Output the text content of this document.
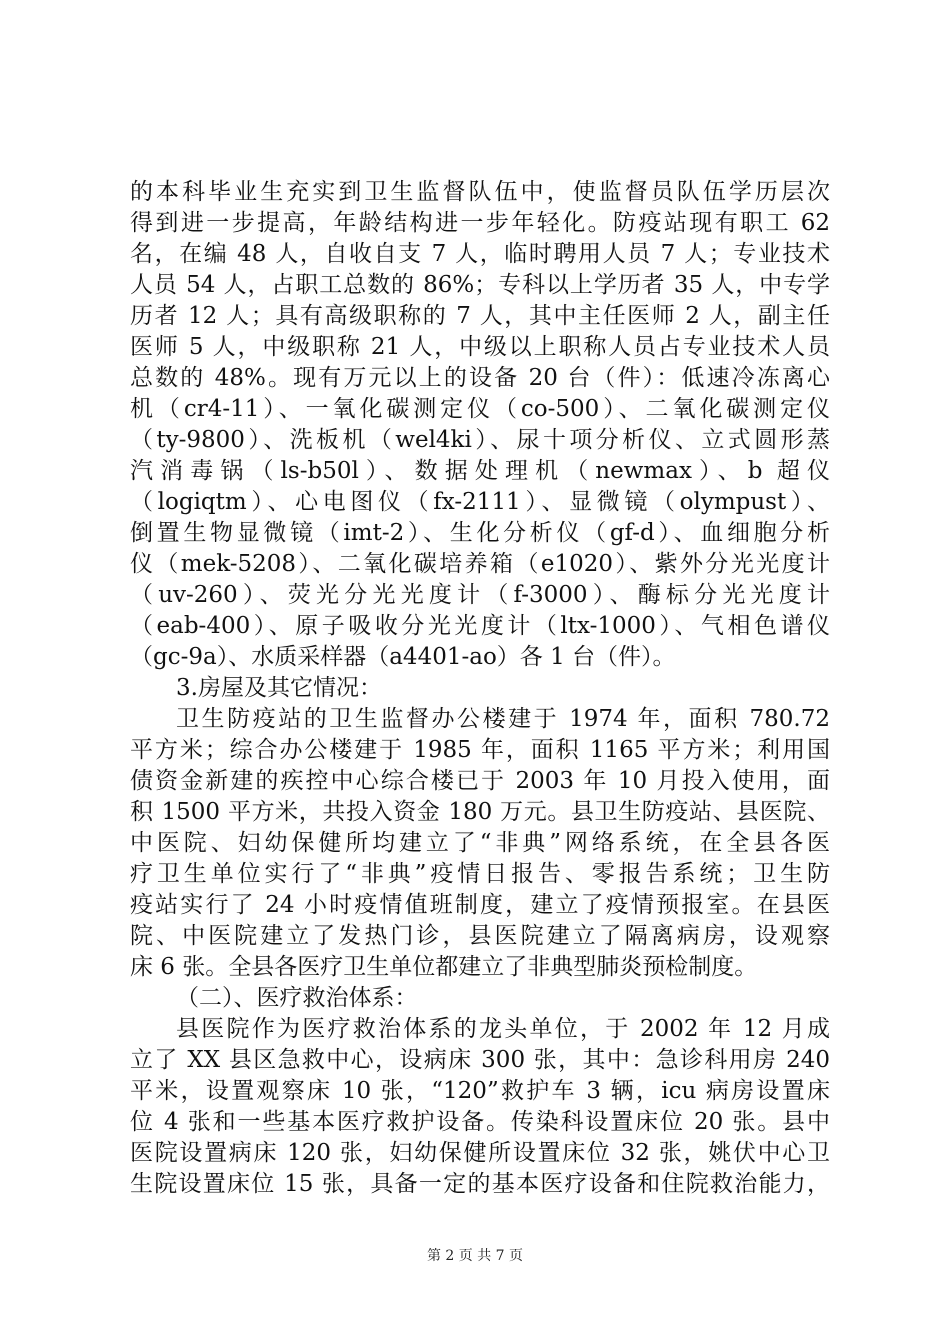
的本科毕业生充实到卫生监督队伍中，使监督员队伍学历层次
得到进一步提高，年龄结构进一步年轻化。防疫站现有职工 62
名，在编 48 人，自收自支 7 人，临时聘用人员 7 人；专业技术
人员 54 人，占职工总数的 86%；专科以上学历者 35 人，中专学
历者 12 人；具有高级职称的 7 人，其中主任医师 2 人，副主任
医师 5 人，中级职称 21 人，中级以上职称人员占专业技术人员
总数的 48%。现有万元以上的设备 20 台（件）：低速冷冻离心
机（cr4-11）、一氧化碳测定仪（co-500）、二氧化碳测定仪
（ty-9800）、洗板机（wel4ki）、尿十项分析仪、立式圆形蒸
汽消毒锅（ls-b50l）、数据处理机（newmax）、b 超仪
（logiqtm）、心电图仪（fx-2111）、显微镜（olympust）、
倒置生物显微镜（imt-2）、生化分析仪（gf-d）、血细胞分析
仪（mek-5208）、二氧化碳培养箱（e1020）、紫外分光光度计
（uv-260）、荧光分光光度计（f-3000）、酶标分光光度计
（eab-400）、原子吸收分光光度计（ltx-1000）、气相色谱仪
（gc-9a）、水质采样器（a4401-ao）各 1 台（件）。
3.房屋及其它情况：
卫生防疫站的卫生监督办公楼建于 1974 年，面积 780.72
平方米；综合办公楼建于 1985 年，面积 1165 平方米；利用国
债资金新建的疾控中心综合楼已于 2003 年 10 月投入使用，面
积 1500 平方米，共投入资金 180 万元。县卫生防疫站、县医院、
中医院、妇幼保健所均建立了“非典”网络系统，在全县各医
疗卫生单位实行了“非典”疫情日报告、零报告系统；卫生防
疫站实行了 24 小时疫情值班制度，建立了疫情预报室。在县医
院、中医院建立了发热门诊，县医院建立了隔离病房，设观察
床 6 张。全县各医疗卫生单位都建立了非典型肺炎预检制度。
（二）、医疗救治体系：
县医院作为医疗救治体系的龙头单位，于 2002 年 12 月成
立了 XX 县区急救中心，设病床 300 张，其中：急诊科用房 240
平米，设置观察床 10 张，“120”救护车 3 辆，icu 病房设置床
位 4 张和一些基本医疗救护设备。传染科设置床位 20 张。县中
医院设置病床 120 张，妇幼保健所设置床位 32 张，姚伏中心卫
生院设置床位 15 张，具备一定的基本医疗设备和住院救治能力，
第 2 页 共 7 页
